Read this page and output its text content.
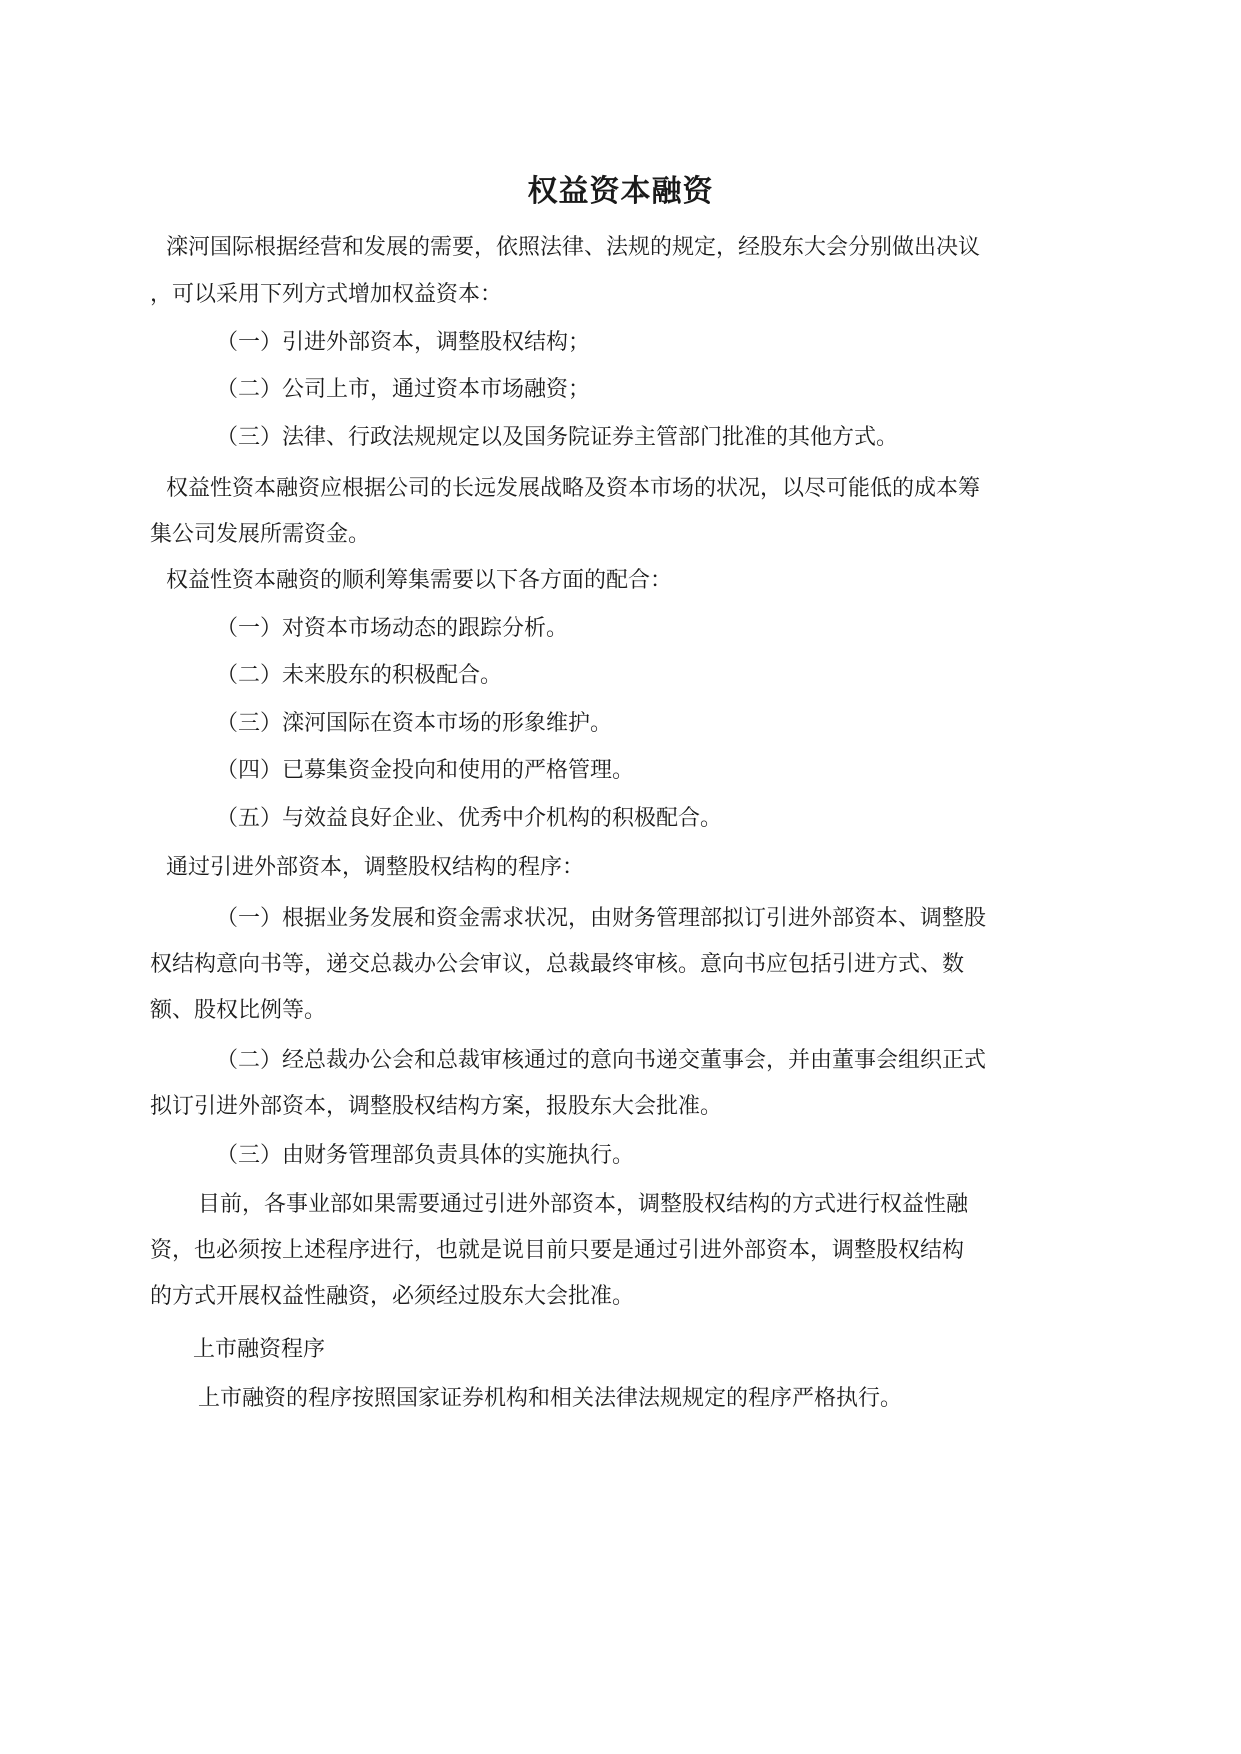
权益资本融资
滦河国际根据经营和发展的需要，依照法律、法规的规定，经股东大会分别做出决议
，可以采用下列方式增加权益资本：
（一）引进外部资本，调整股权结构；
（二）公司上市，通过资本市场融资；
（三）法律、行政法规规定以及国务院证券主管部门批准的其他方式。
权益性资本融资应根据公司的长远发展战略及资本市场的状况，以尽可能低的成本筹
集公司发展所需资金。
权益性资本融资的顺利筹集需要以下各方面的配合：
（一）对资本市场动态的跟踪分析。
（二）未来股东的积极配合。
（三）滦河国际在资本市场的形象维护。
（四）已募集资金投向和使用的严格管理。
（五）与效益良好企业、优秀中介机构的积极配合。
通过引进外部资本，调整股权结构的程序：
（一）根据业务发展和资金需求状况，由财务管理部拟订引进外部资本、调整股
权结构意向书等，递交总裁办公会审议，总裁最终审核。意向书应包括引进方式、数
额、股权比例等。
（二）经总裁办公会和总裁审核通过的意向书递交董事会，并由董事会组织正式
拟订引进外部资本，调整股权结构方案，报股东大会批准。
（三）由财务管理部负责具体的实施执行。
目前，各事业部如果需要通过引进外部资本，调整股权结构的方式进行权益性融
资，也必须按上述程序进行，也就是说目前只要是通过引进外部资本，调整股权结构
的方式开展权益性融资，必须经过股东大会批准。
上市融资程序
上市融资的程序按照国家证券机构和相关法律法规规定的程序严格执行。
